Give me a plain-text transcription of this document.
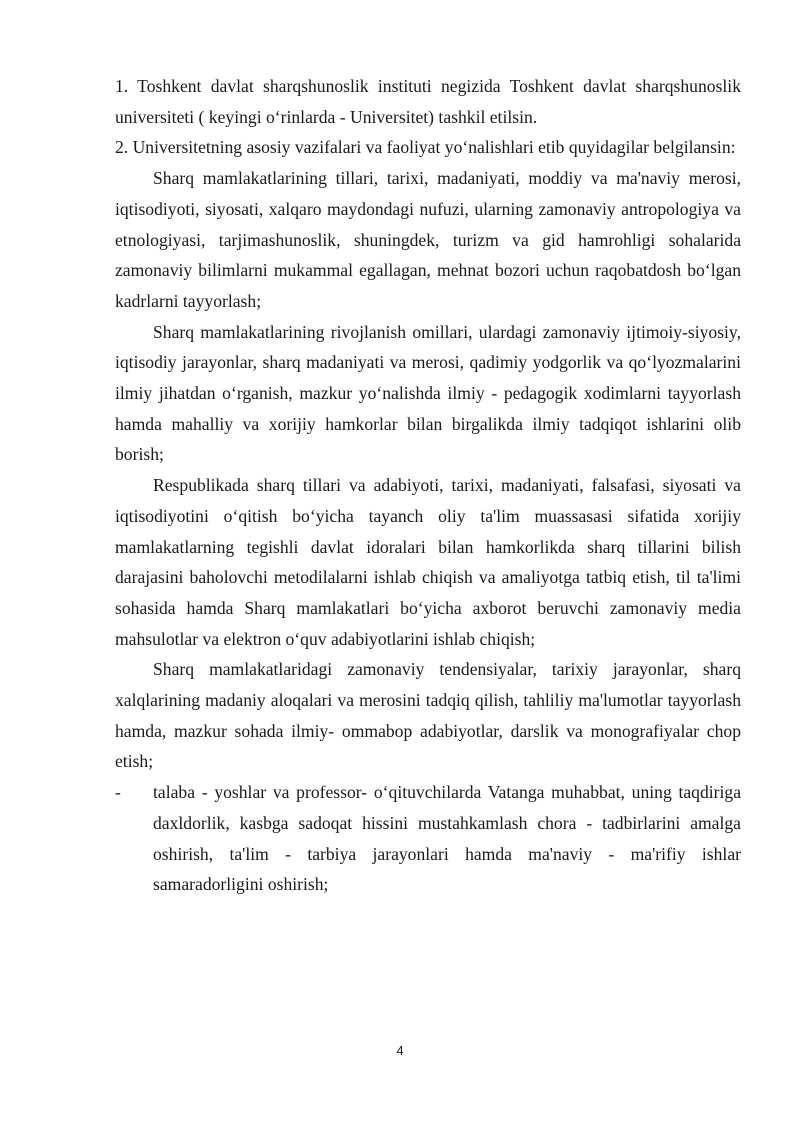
1. Toshkent davlat sharqshunoslik instituti negizida Toshkent davlat sharqshunoslik universiteti ( keyingi o‘rinlarda - Universitet) tashkil etilsin.

2. Universitetning asosiy vazifalari va faoliyat yo‘nalishlari etib quyidagilar belgilansin:

Sharq mamlakatlarining tillari, tarixi, madaniyati, moddiy va ma'naviy merosi, iqtisodiyoti, siyosati, xalqaro maydondagi nufuzi, ularning zamonaviy antropologiya va etnologiyasi, tarjimashunoslik, shuningdek, turizm va gid hamrohligi sohalarida zamonaviy bilimlarni mukammal egallagan, mehnat bozori uchun raqobatdosh bo‘lgan kadrlarni tayyorlash;

Sharq mamlakatlarining rivojlanish omillari, ulardagi zamonaviy ijtimoiy-siyosiy, iqtisodiy jarayonlar, sharq madaniyati va merosi, qadimiy yodgorlik va qo‘lyozmalarini ilmiy jihatdan o‘rganish, mazkur yo‘nalishda ilmiy - pedagogik xodimlarni tayyorlash hamda mahalliy va xorijiy hamkorlar bilan birgalikda ilmiy tadqiqot ishlarini olib borish;

Respublikada sharq tillari va adabiyoti, tarixi, madaniyati, falsafasi, siyosati va iqtisodiyotini o‘qitish bo‘yicha tayanch oliy ta'lim muassasasi sifatida xorijiy mamlakatlarning tegishli davlat idoralari bilan hamkorlikda sharq tillarini bilish darajasini baholovchi metodilalarni ishlab chiqish va amaliyotga tatbiq etish, til ta'limi sohasida hamda Sharq mamlakatlari bo‘yicha axborot beruvchi zamonaviy media mahsulotlar va elektron o‘quv adabiyotlarini ishlab chiqish;

Sharq mamlakatlaridagi zamonaviy tendensiyalar, tarixiy jarayonlar, sharq xalqlarining madaniy aloqalari va merosini tadqiq qilish, tahliliy ma'lumotlar tayyorlash hamda, mazkur sohada ilmiy- ommabop adabiyotlar, darslik va monografiyalar chop etish;

- talaba - yoshlar va professor- o‘qituvchilarda Vatanga muhabbat, uning taqdiriga daxldorlik, kasbga sadoqat hissini mustahkamlash chora - tadbirlarini amalga oshirish, ta'lim - tarbiya jarayonlari hamda ma'naviy - ma'rifiy ishlar samaradorligini oshirish;

4
